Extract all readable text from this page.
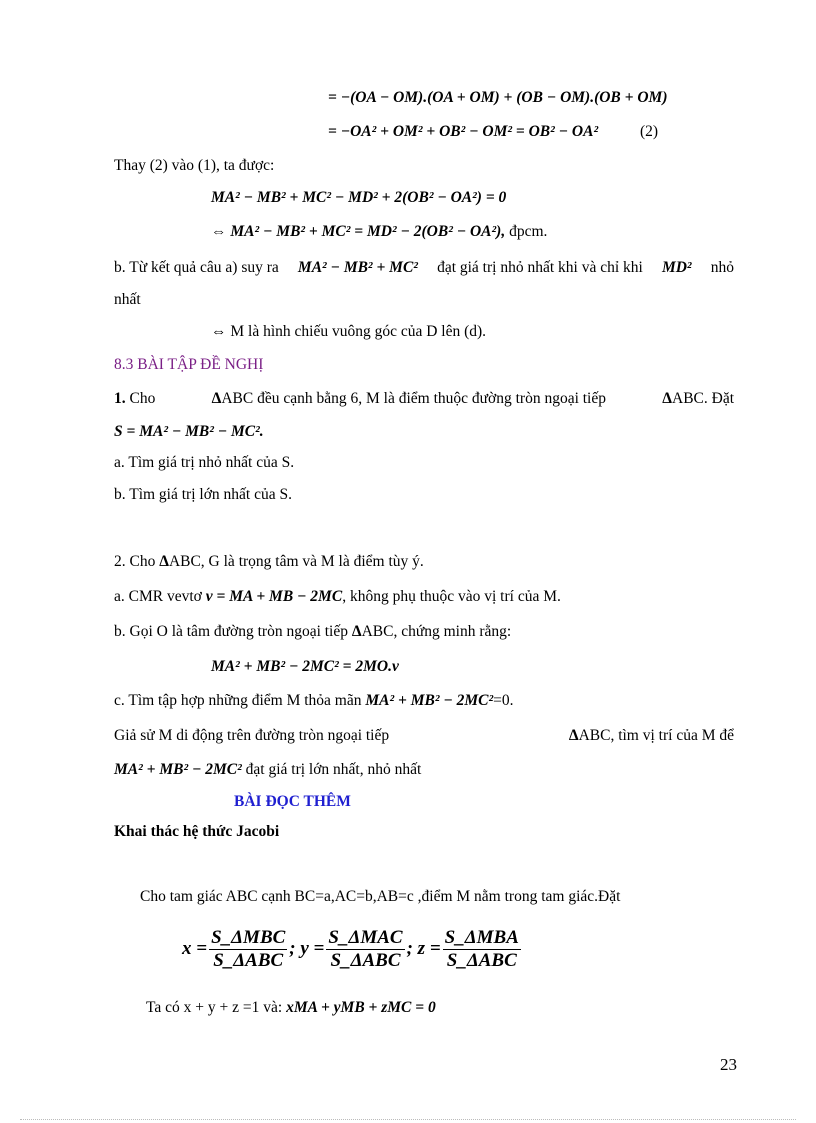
= −(OA − OM).(OA + OM) + (OB − OM).(OB + OM)
= −OA² + OM² + OB² − OM² = OB² − OA²	(2)
Thay (2) vào (1), ta được:
MA² − MB² + MC² − MD² + 2(OB² − OA²) = 0
⇔ MA² − MB² + MC² = MD² − 2(OB² − OA²), đpcm.
b. Từ kết quả câu a) suy ra MA² − MB² + MC² đạt giá trị nhỏ nhất khi và chỉ khi MD² nhỏ
nhất
⇔ M là hình chiếu vuông góc của D lên (d).
8.3 BÀI TẬP ĐỀ NGHỊ
1. Cho	ΔABC đều cạnh bằng 6, M là điểm thuộc đường tròn ngoại tiếp	ΔABC. Đặt
S = MA² − MB² − MC².
a. Tìm giá trị nhỏ nhất của S.
b. Tìm giá trị lớn nhất của S.
2. Cho ΔABC, G là trọng tâm và M là điểm tùy ý.
a. CMR vevtơ v = MA + MB − 2MC, không phụ thuộc vào vị trí của M.
b. Gọi O là tâm đường tròn ngoại tiếp ΔABC, chứng minh rằng:
MA² + MB² − 2MC² = 2MO.v
c. Tìm tập hợp những điểm M thỏa mãn MA² + MB² − 2MC²=0.
Giả sử M di động trên đường tròn ngoại tiếp	ΔABC, tìm vị trí của M để
MA² + MB² − 2MC² đạt giá trị lớn nhất, nhỏ nhất
BÀI ĐỌC THÊM
Khai thác hệ thức Jacobi
Cho tam giác ABC cạnh BC=a,AC=b,AB=c ,điểm M nằm trong tam giác.Đặt
$x = \frac{\text{S\_ΔMBC}}{\text{S\_ΔABC}}$ ; $y = \frac{\text{S\_ΔMAC}}{\text{S\_ΔABC}}$ ; $z = \frac{\text{S\_ΔMBA}}{\text{S\_ΔABC}}$
Ta có x + y + z =1 và: xMA + yMB + zMC = 0
23
